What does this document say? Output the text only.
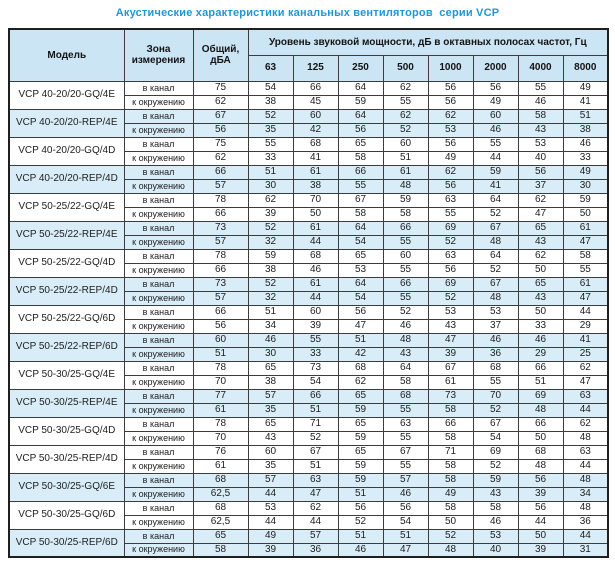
Акустические характеристики канальных вентиляторов  серии VCP
Модель	Зона измерения	Общий, дБА	Уровень звуковой мощности, дБ в октавных полосах частот, Гц							
			63	125	250	500	1000	2000	4000	8000
VCP 40-20/20-GQ/4E	в канал	75	54	66	64	62	56	56	55	49
	к окружению	62	38	45	59	55	56	49	46	41
VCP 40-20/20-REP/4E	в канал	67	52	60	64	62	62	60	58	51
	к окружению	56	35	42	56	52	53	46	43	38
VCP 40-20/20-GQ/4D	в канал	75	55	68	65	60	56	55	53	46
	к окружению	62	33	41	58	51	49	44	40	33
VCP 40-20/20-REP/4D	в канал	66	51	61	66	61	62	59	56	49
	к окружению	57	30	38	55	48	56	41	37	30
VCP 50-25/22-GQ/4E	в канал	78	62	70	67	59	63	64	62	59
	к окружению	66	39	50	58	58	55	52	47	50
VCP 50-25/22-REP/4E	в канал	73	52	61	64	66	69	67	65	61
	к окружению	57	32	44	54	55	52	48	43	47
VCP 50-25/22-GQ/4D	в канал	78	59	68	65	60	63	64	62	58
	к окружению	66	38	46	53	55	56	52	50	55
VCP 50-25/22-REP/4D	в канал	73	52	61	64	66	69	67	65	61
	к окружению	57	32	44	54	55	52	48	43	47
VCP 50-25/22-GQ/6D	в канал	66	51	60	56	52	53	53	50	44
	к окружению	56	34	39	47	46	43	37	33	29
VCP 50-25/22-REP/6D	в канал	60	46	55	51	48	47	46	46	41
	к окружению	51	30	33	42	43	39	36	29	25
VCP 50-30/25-GQ/4E	в канал	78	65	73	68	64	67	68	66	62
	к окружению	70	38	54	62	58	61	55	51	47
VCP 50-30/25-REP/4E	в канал	77	57	66	65	68	73	70	69	63
	к окружению	61	35	51	59	55	58	52	48	44
VCP 50-30/25-GQ/4D	в канал	78	65	71	65	63	66	67	66	62
	к окружению	70	43	52	59	55	58	54	50	48
VCP 50-30/25-REP/4D	в канал	76	60	67	65	67	71	69	68	63
	к окружению	61	35	51	59	55	58	52	48	44
VCP 50-30/25-GQ/6E	в канал	68	57	63	59	57	58	59	56	48
	к окружению	62,5	44	47	51	46	49	43	39	34
VCP 50-30/25-GQ/6D	в канал	68	53	62	56	56	58	58	56	48
	к окружению	62,5	44	44	52	54	50	46	44	36
VCP 50-30/25-REP/6D	в канал	65	49	57	51	51	52	53	50	44
	к окружению	58	39	36	46	47	48	40	39	31
